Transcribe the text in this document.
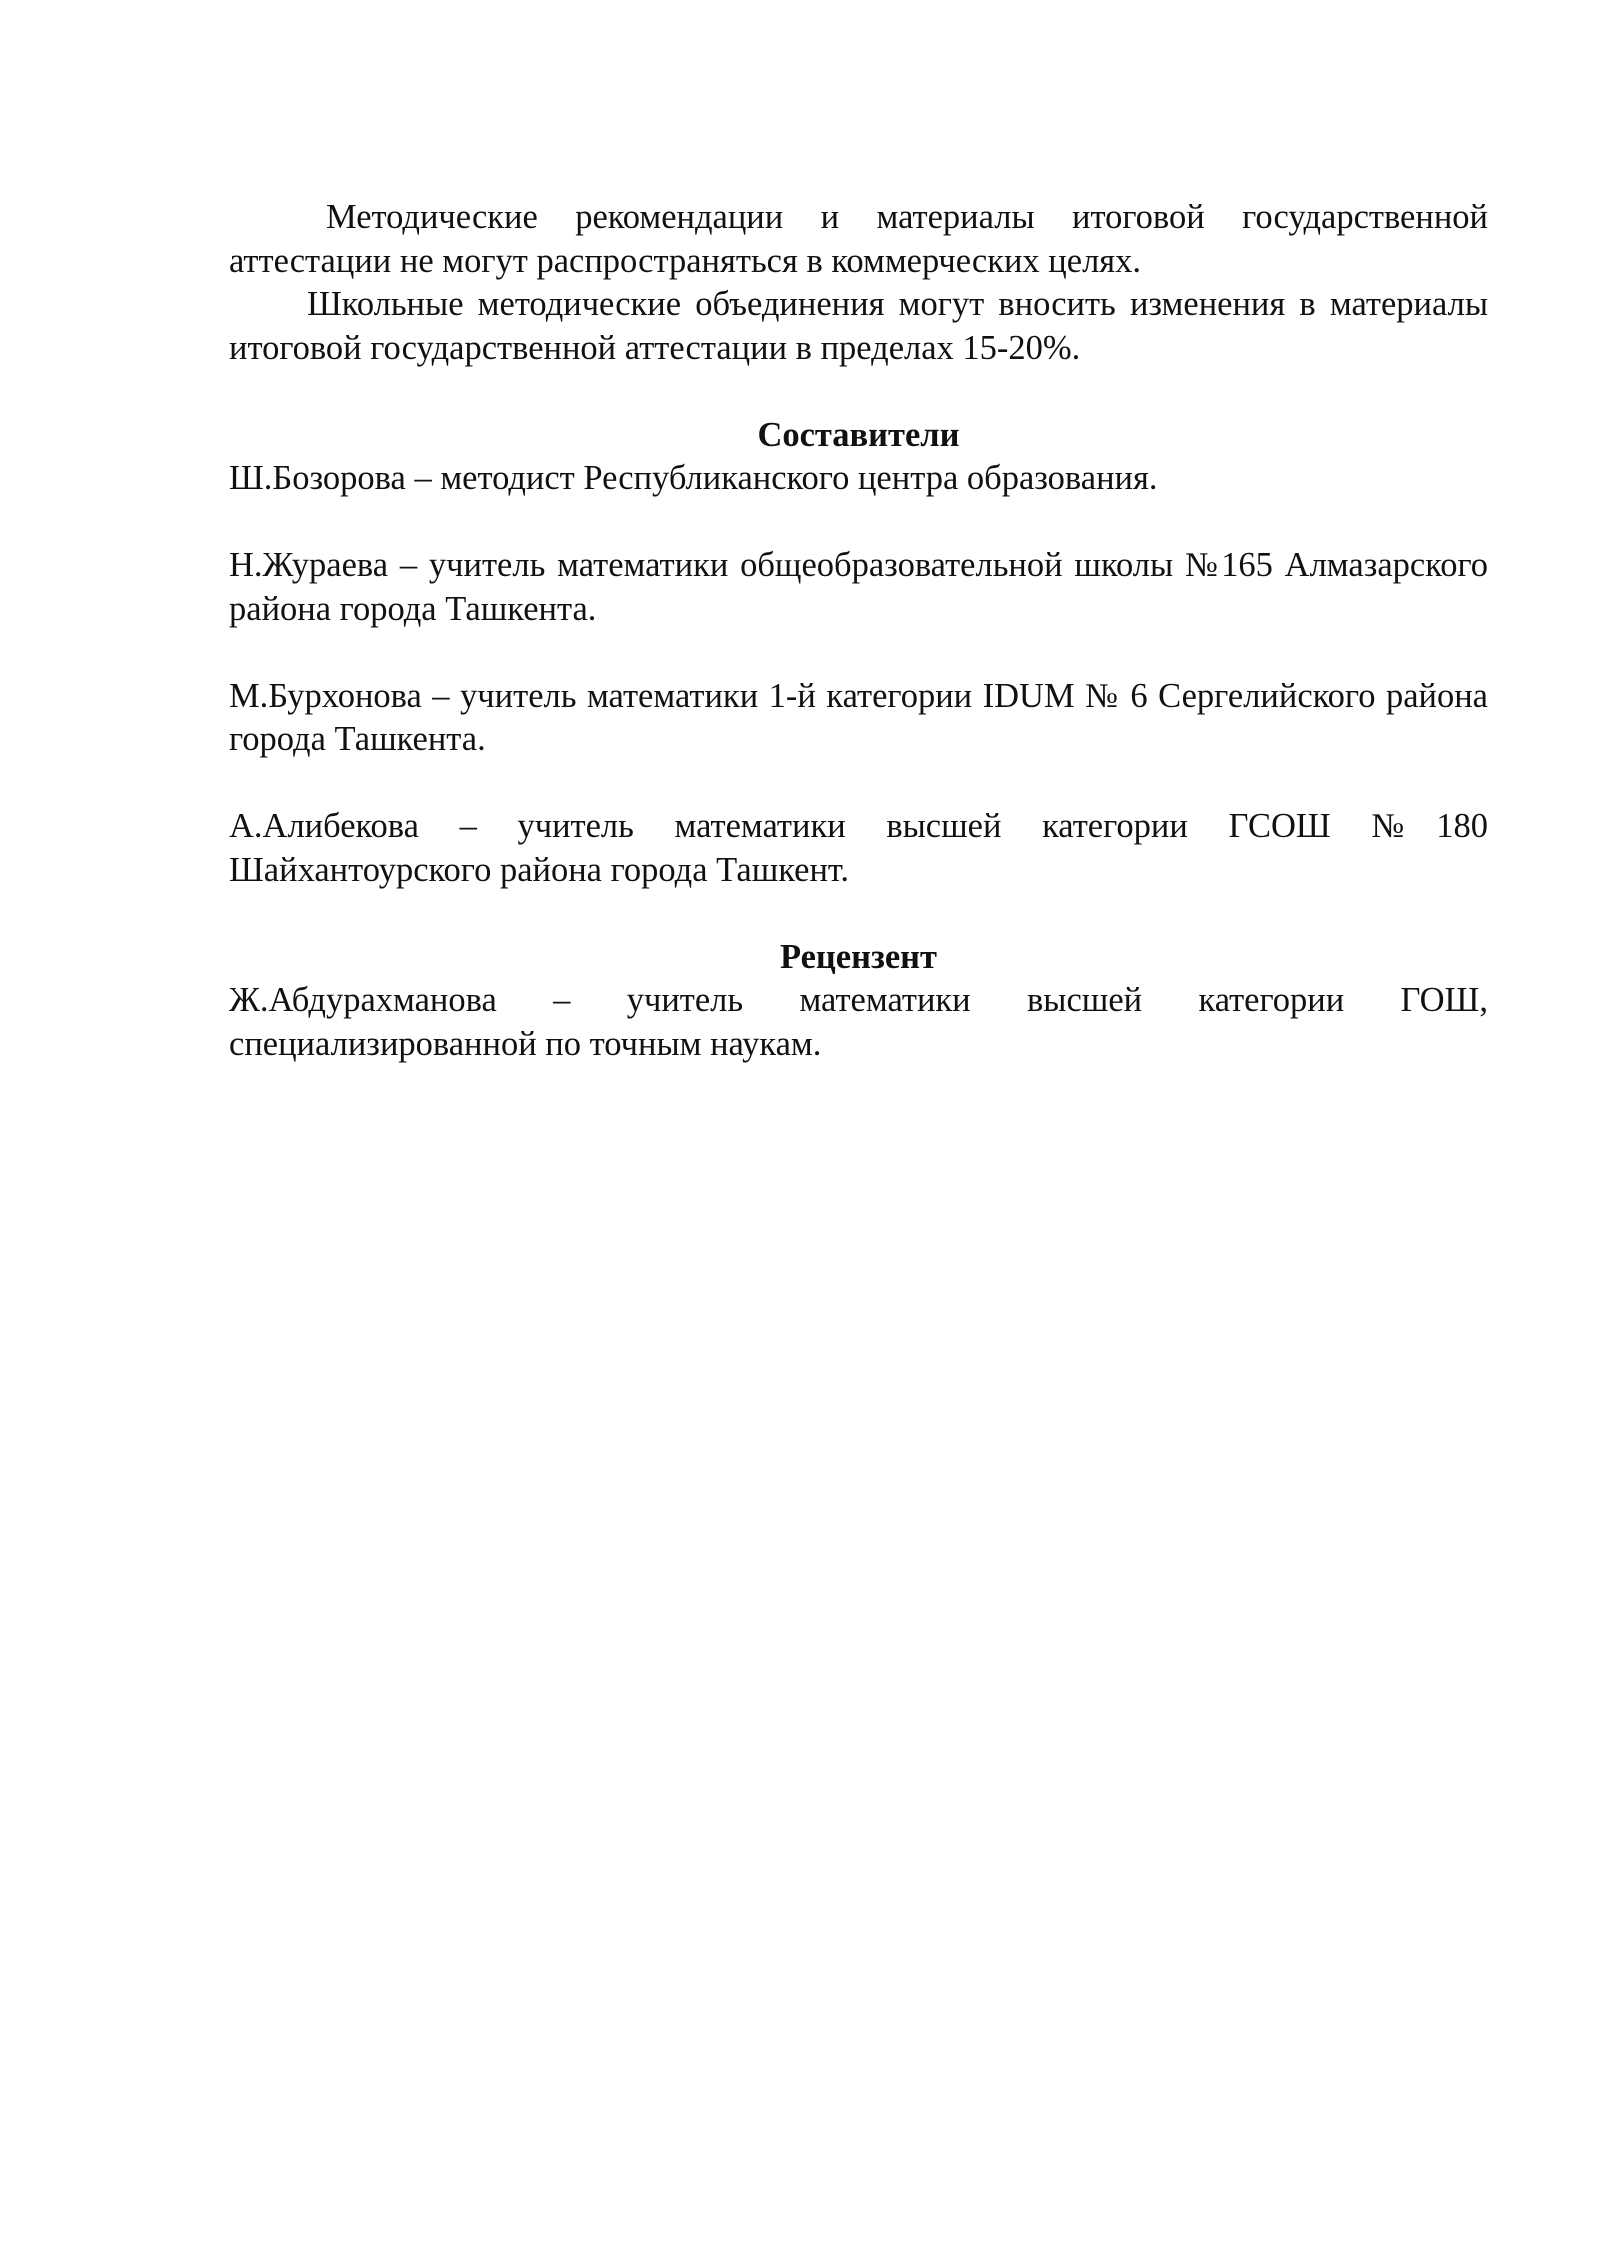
Методические рекомендации и материалы итоговой государственной аттестации не могут распространяться в коммерческих целях.

Школьные методические объединения могут вносить изменения в материалы итоговой государственной аттестации в пределах 15-20%.

Составители

Ш.Бозорова – методист Республиканского центра образования.

Н.Жураева – учитель математики общеобразовательной школы №165 Алмазарского района города Ташкента.

М.Бурхонова – учитель математики 1-й категории IDUM № 6 Сергелийского района города Ташкента.

А.Алибекова – учитель математики высшей категории ГСОШ №180 Шайхантоурского района города Ташкент.

Рецензент

Ж.Абдурахманова – учитель математики высшей категории ГОШ, специализированной по точным наукам.
